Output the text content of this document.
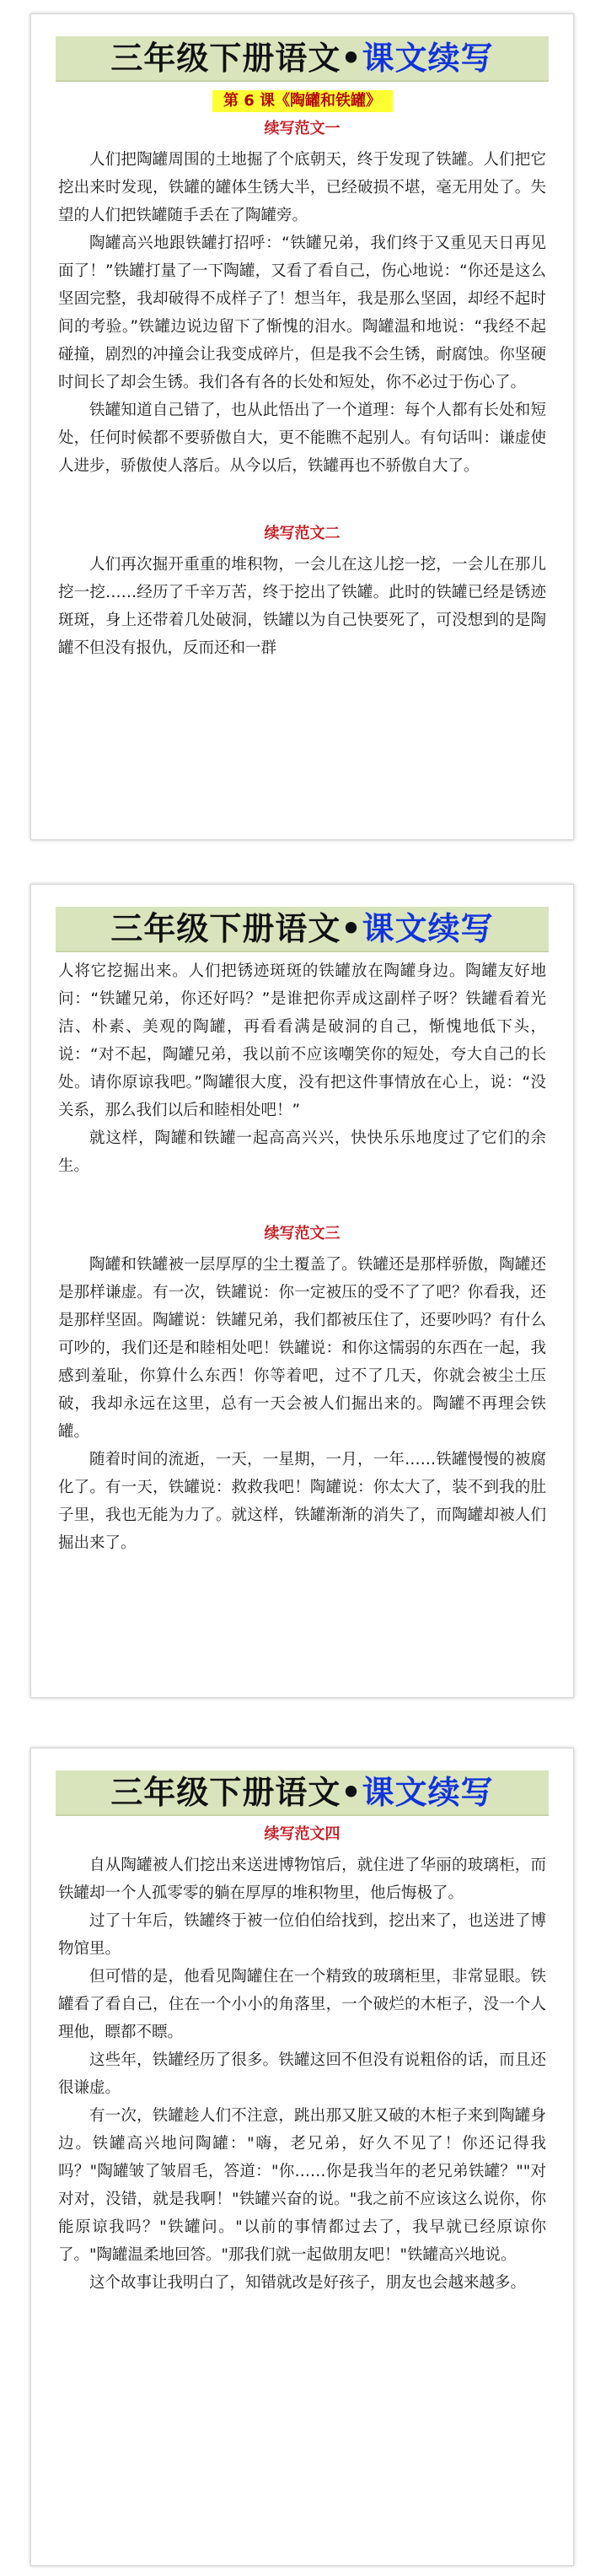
三年级下册语文•课文续写
第 6 课《陶罐和铁罐》
续写范文一

人们把陶罐周围的土地掘了个底朝天，终于发现了铁罐。人们把它挖出来时发现，铁罐的罐体生锈大半，已经破损不堪，毫无用处了。失望的人们把铁罐随手丢在了陶罐旁。

陶罐高兴地跟铁罐打招呼：“铁罐兄弟，我们终于又重见天日再见面了！”铁罐打量了一下陶罐，又看了看自己，伤心地说：“你还是这么坚固完整，我却破得不成样子了！想当年，我是那么坚固，却经不起时间的考验。”铁罐边说边留下了惭愧的泪水。陶罐温和地说：“我经不起碰撞，剧烈的冲撞会让我变成碎片，但是我不会生锈，耐腐蚀。你坚硬时间长了却会生锈。我们各有各的长处和短处，你不必过于伤心了。

铁罐知道自己错了，也从此悟出了一个道理：每个人都有长处和短处，任何时候都不要骄傲自大，更不能瞧不起别人。有句话叫：谦虚使人进步，骄傲使人落后。从今以后，铁罐再也不骄傲自大了。

续写范文二

人们再次掘开重重的堆积物，一会儿在这儿挖一挖，一会儿在那儿挖一挖……经历了千辛万苦，终于挖出了铁罐。此时的铁罐已经是锈迹斑斑，身上还带着几处破洞，铁罐以为自己快要死了，可没想到的是陶罐不但没有报仇，反而还和一群

三年级下册语文•课文续写

人将它挖掘出来。人们把锈迹斑斑的铁罐放在陶罐身边。陶罐友好地问：“铁罐兄弟，你还好吗？”是谁把你弄成这副样子呀？铁罐看着光洁、朴素、美观的陶罐，再看看满是破洞的自己，惭愧地低下头，说：“对不起，陶罐兄弟，我以前不应该嘲笑你的短处，夸大自己的长处。请你原谅我吧。”陶罐很大度，没有把这件事情放在心上，说：“没关系，那么我们以后和睦相处吧！”

就这样，陶罐和铁罐一起高高兴兴，快快乐乐地度过了它们的余生。

续写范文三

陶罐和铁罐被一层厚厚的尘土覆盖了。铁罐还是那样骄傲，陶罐还是那样谦虚。有一次，铁罐说：你一定被压的受不了了吧？你看我，还是那样坚固。陶罐说：铁罐兄弟，我们都被压住了，还要吵吗？有什么可吵的，我们还是和睦相处吧！铁罐说：和你这懦弱的东西在一起，我感到羞耻，你算什么东西！你等着吧，过不了几天，你就会被尘土压破，我却永远在这里，总有一天会被人们掘出来的。陶罐不再理会铁罐。

随着时间的流逝，一天，一星期，一月，一年……铁罐慢慢的被腐化了。有一天，铁罐说：救救我吧！陶罐说：你太大了，装不到我的肚子里，我也无能为力了。就这样，铁罐渐渐的消失了，而陶罐却被人们掘出来了。

三年级下册语文•课文续写
续写范文四

自从陶罐被人们挖出来送进博物馆后，就住进了华丽的玻璃柜，而铁罐却一个人孤零零的躺在厚厚的堆积物里，他后悔极了。

过了十年后，铁罐终于被一位伯伯给找到，挖出来了，也送进了博物馆里。

但可惜的是，他看见陶罐住在一个精致的玻璃柜里，非常显眼。铁罐看了看自己，住在一个小小的角落里，一个破烂的木柜子，没一个人理他，瞟都不瞟。

这些年，铁罐经历了很多。铁罐这回不但没有说粗俗的话，而且还很谦虚。

有一次，铁罐趁人们不注意，跳出那又脏又破的木柜子来到陶罐身边。铁罐高兴地问陶罐："嗨，老兄弟，好久不见了！你还记得我吗？"陶罐皱了皱眉毛，答道："你……你是我当年的老兄弟铁罐？""对对对，没错，就是我啊！"铁罐兴奋的说。"我之前不应该这么说你，你能原谅我吗？"铁罐问。"以前的事情都过去了，我早就已经原谅你了。"陶罐温柔地回答。"那我们就一起做朋友吧！"铁罐高兴地说。

这个故事让我明白了，知错就改是好孩子，朋友也会越来越多。
